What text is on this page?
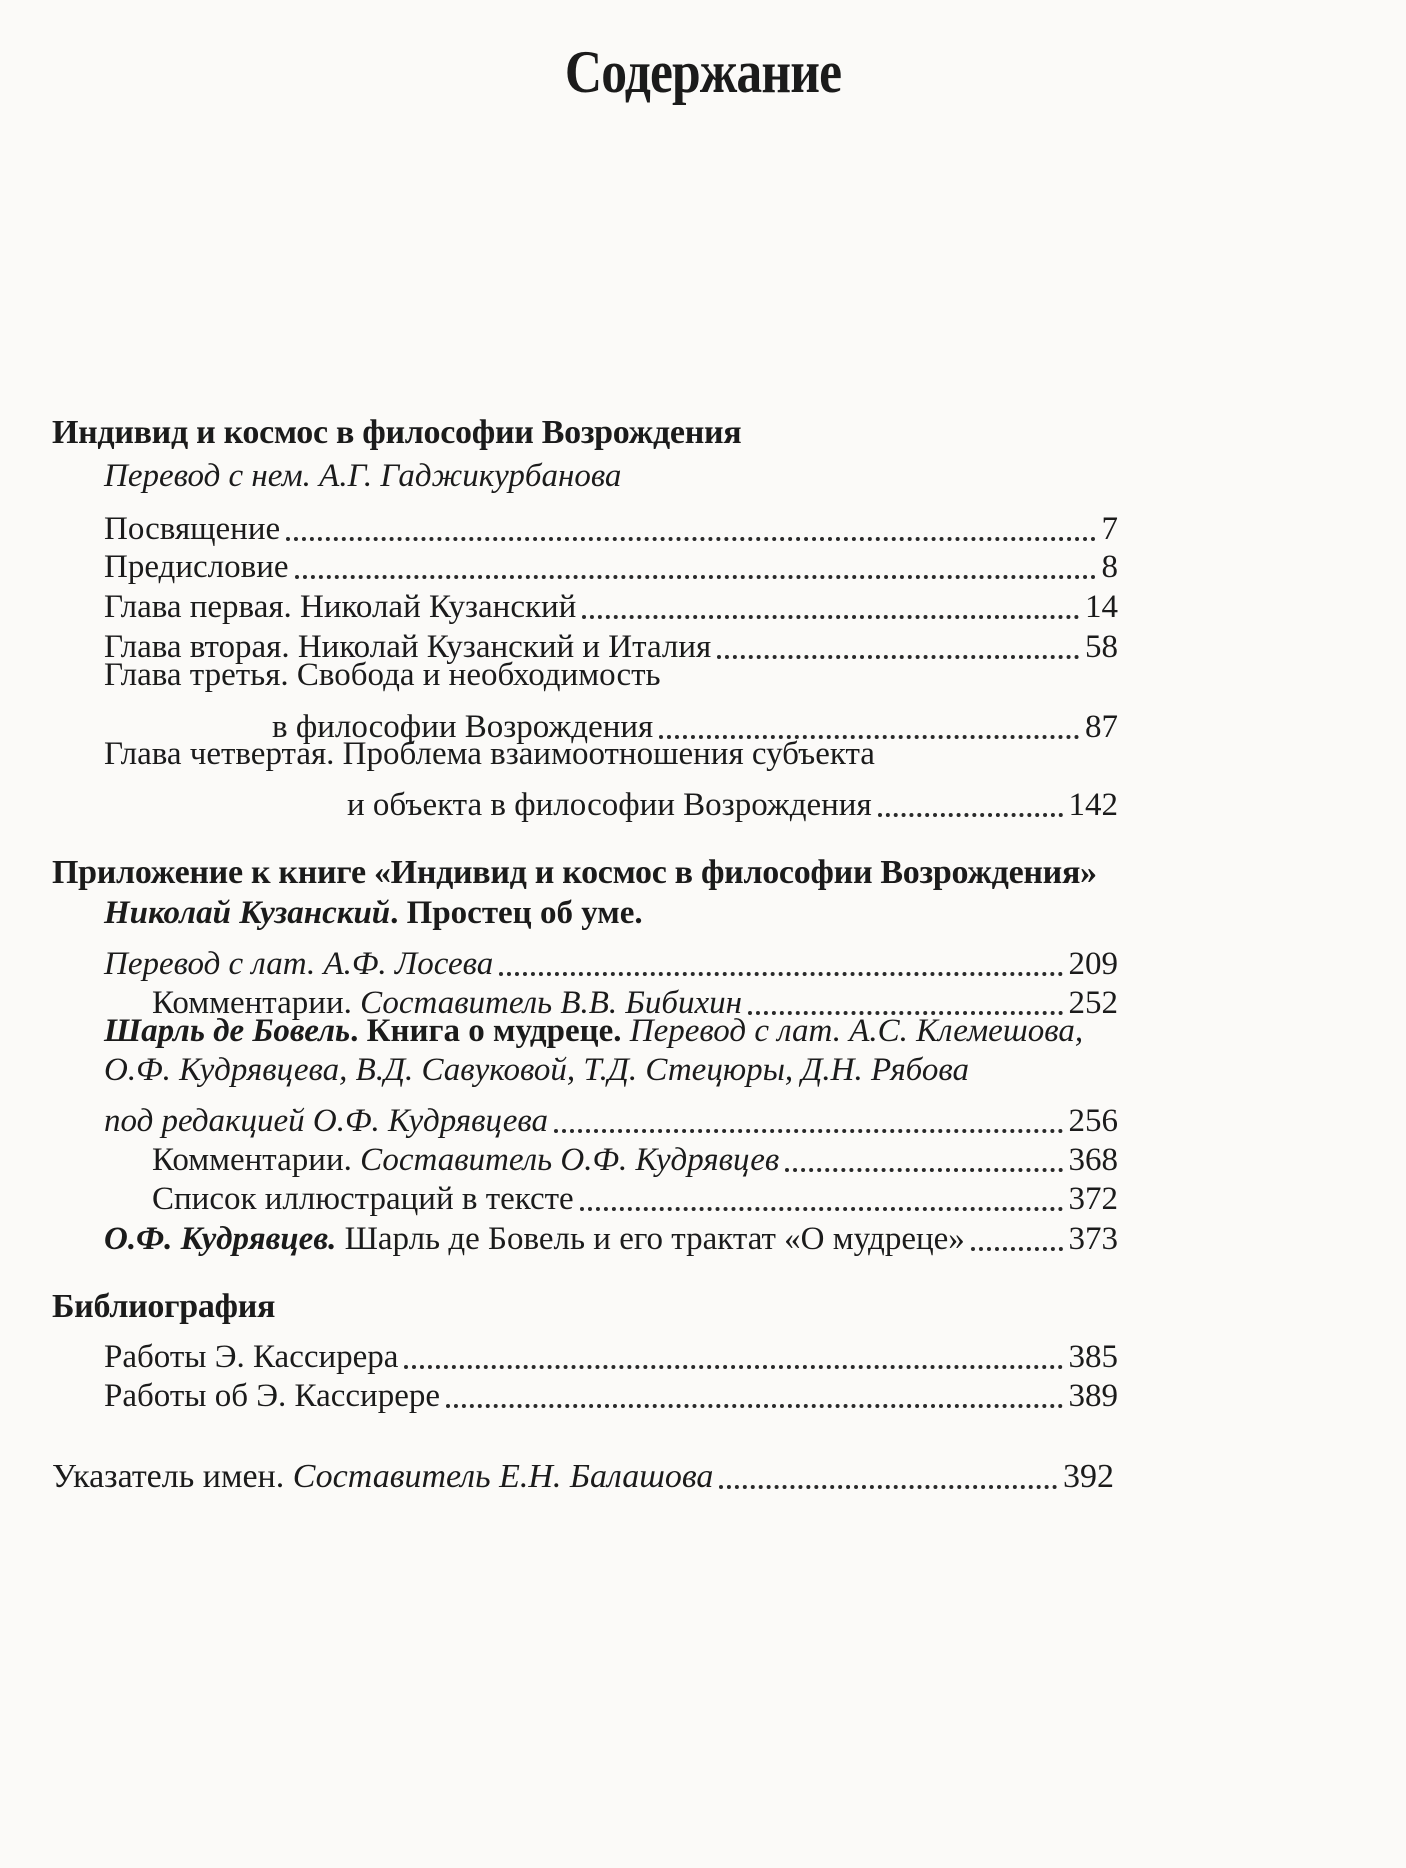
Содержание
Индивид и космос в философии Возрождения
Перевод с нем. А.Г. Гаджикурбанова
Посвящение	7
Предисловие	8
Глава первая. Николай Кузанский	14
Глава вторая. Николай Кузанский и Италия	58
Глава третья. Свобода и необходимость
в философии Возрождения	87
Глава четвертая. Проблема взаимоотношения субъекта
и объекта в философии Возрождения	142
Приложение к книге «Индивид и космос в философии Возрождения»
Николай Кузанский. Простец об уме.
Перевод с лат. А.Ф. Лосева	209
Комментарии. Составитель В.В. Бибихин	252
Шарль де Бовель. Книга о мудреце. Перевод с лат. А.С. Клемешова,
О.Ф. Кудрявцева, В.Д. Савуковой, Т.Д. Стецюры, Д.Н. Рябова
под редакцией О.Ф. Кудрявцева	256
Комментарии. Составитель О.Ф. Кудрявцев	368
Список иллюстраций в тексте	372
О.Ф. Кудрявцев. Шарль де Бовель и его трактат «О мудреце»	373
Библиография
Работы Э. Кассирера	385
Работы об Э. Кассирере	389
Указатель имен. Составитель Е.Н. Балашова	392
